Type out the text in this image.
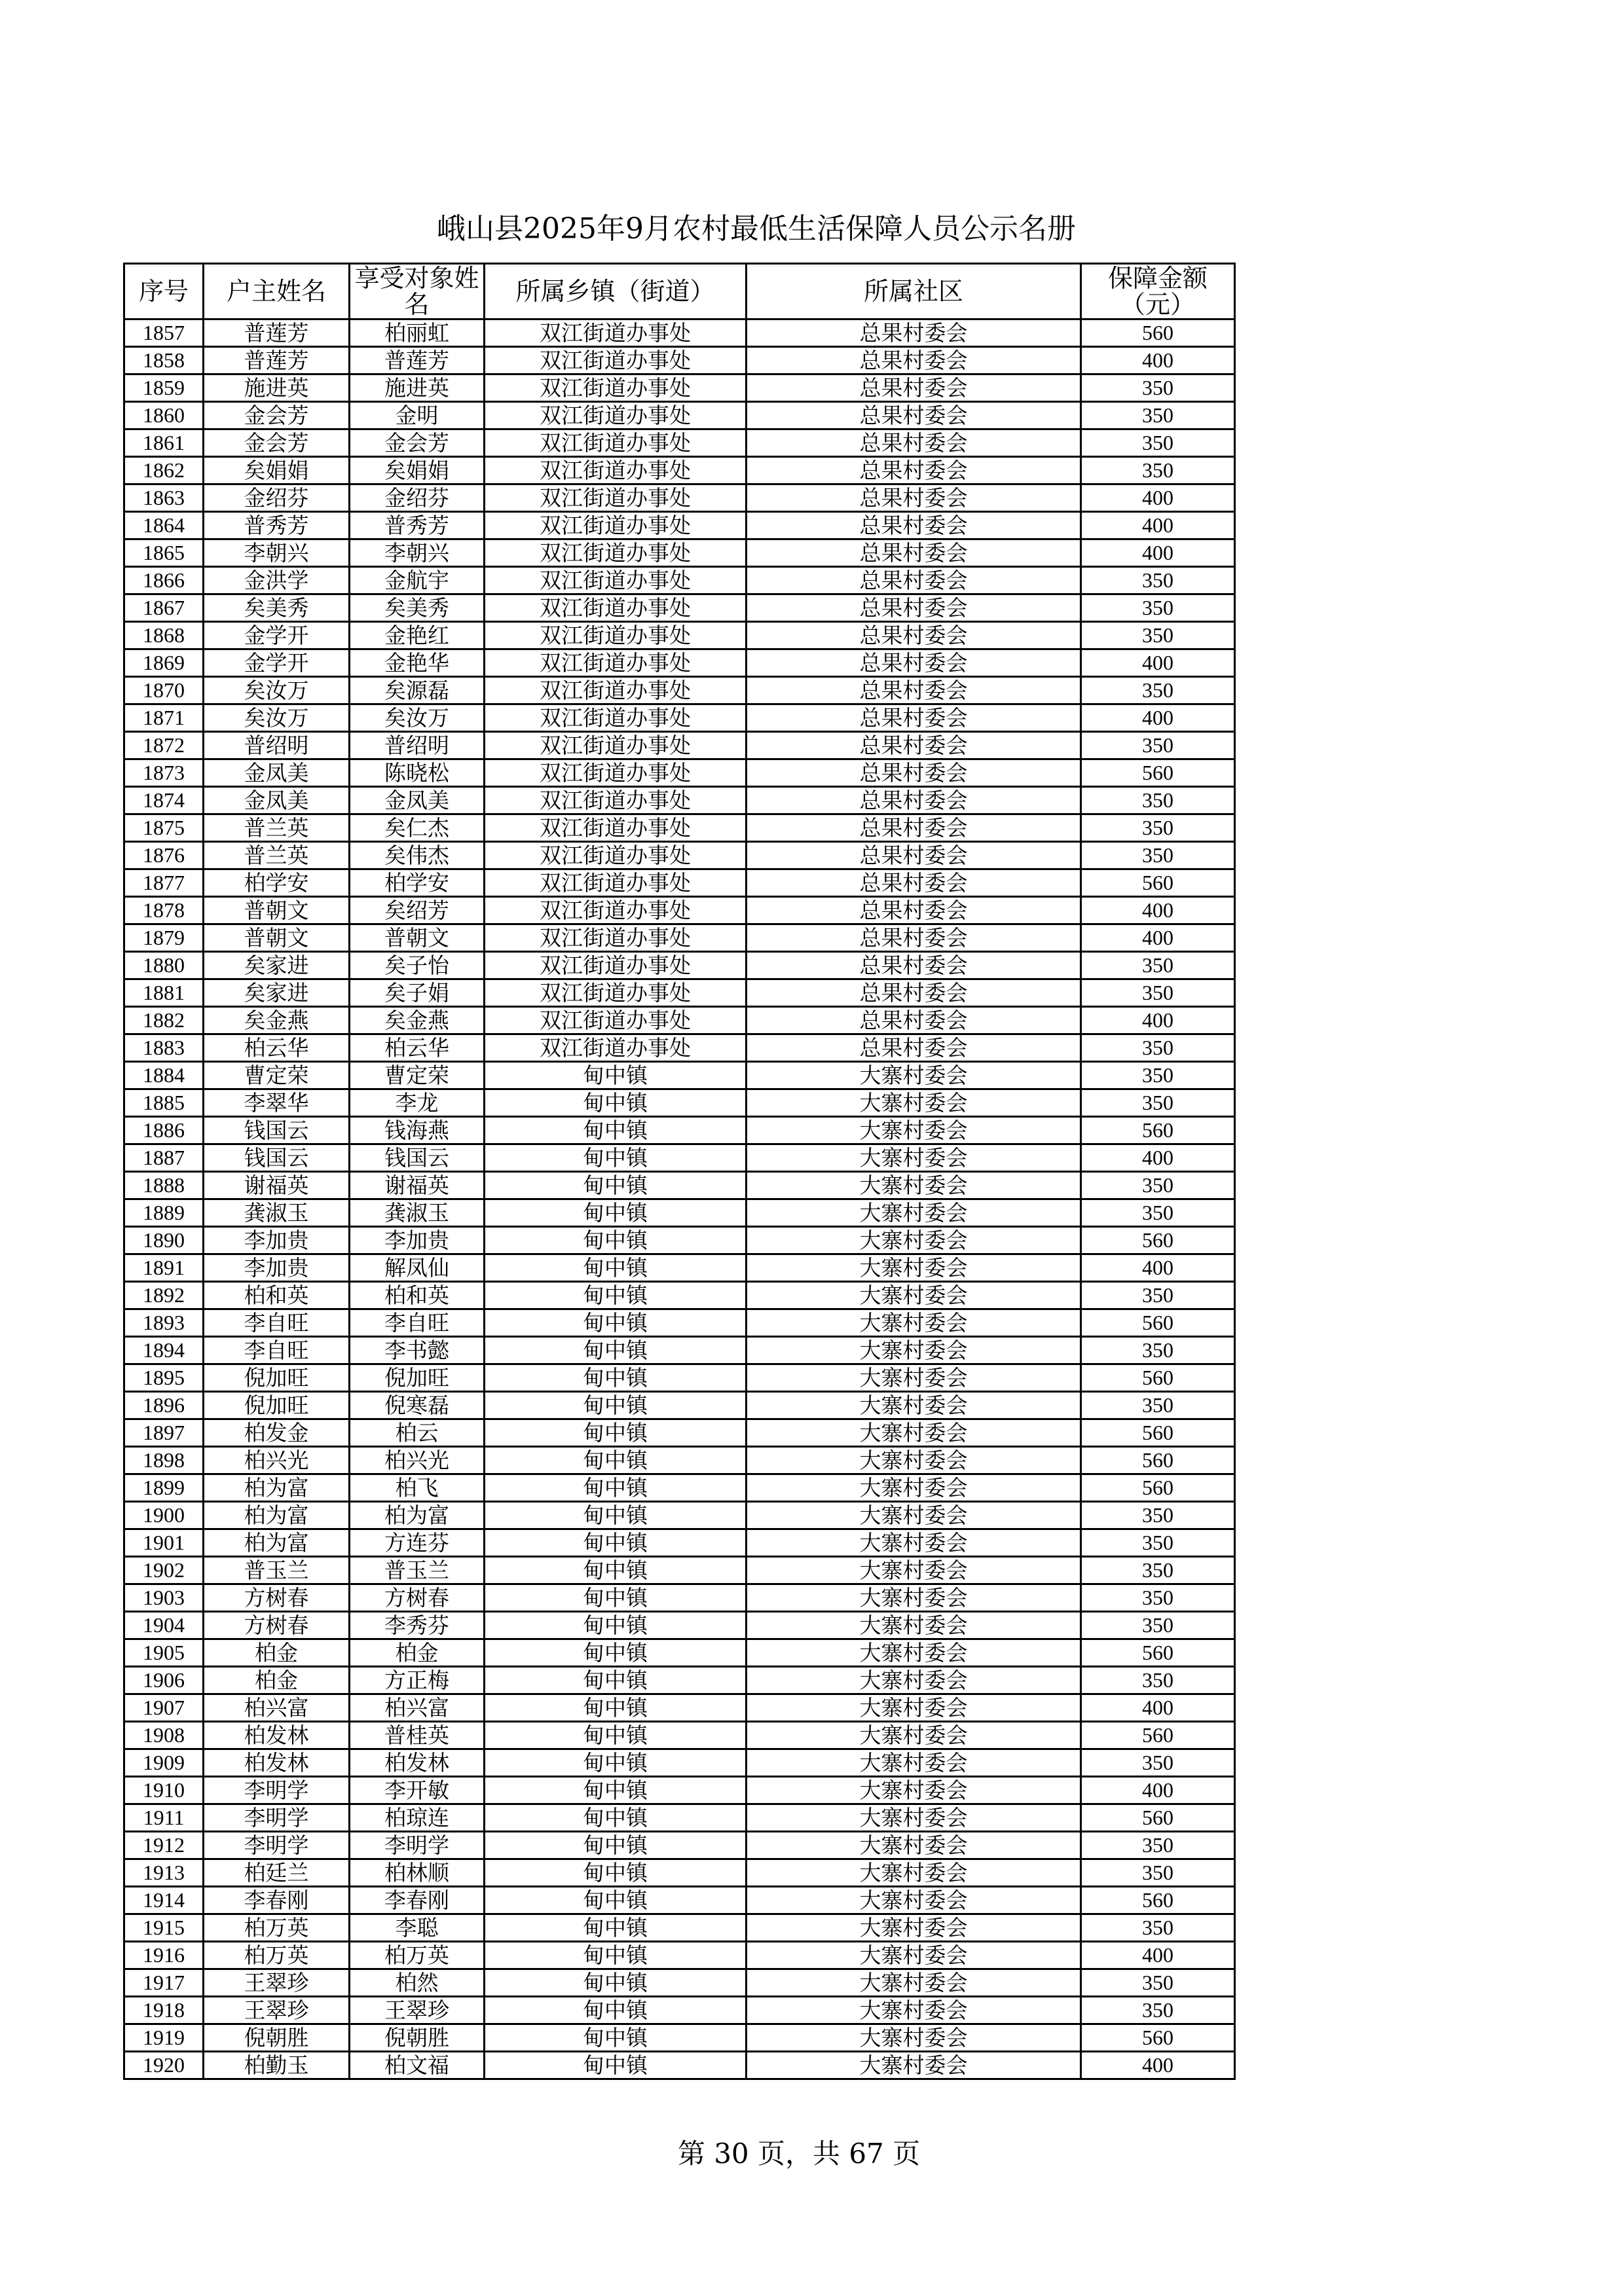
峨山县2025年9月农村最低生活保障人员公示名册
序号	户主姓名	享受对象姓名	所属乡镇（街道）	所属社区	保障金额（元）
1857	普莲芳	柏丽虹	双江街道办事处	总果村委会	560
1858	普莲芳	普莲芳	双江街道办事处	总果村委会	400
1859	施进英	施进英	双江街道办事处	总果村委会	350
1860	金会芳	金明	双江街道办事处	总果村委会	350
1861	金会芳	金会芳	双江街道办事处	总果村委会	350
1862	矣娟娟	矣娟娟	双江街道办事处	总果村委会	350
1863	金绍芬	金绍芬	双江街道办事处	总果村委会	400
1864	普秀芳	普秀芳	双江街道办事处	总果村委会	400
1865	李朝兴	李朝兴	双江街道办事处	总果村委会	400
1866	金洪学	金航宇	双江街道办事处	总果村委会	350
1867	矣美秀	矣美秀	双江街道办事处	总果村委会	350
1868	金学开	金艳红	双江街道办事处	总果村委会	350
1869	金学开	金艳华	双江街道办事处	总果村委会	400
1870	矣汝万	矣源磊	双江街道办事处	总果村委会	350
1871	矣汝万	矣汝万	双江街道办事处	总果村委会	400
1872	普绍明	普绍明	双江街道办事处	总果村委会	350
1873	金凤美	陈晓松	双江街道办事处	总果村委会	560
1874	金凤美	金凤美	双江街道办事处	总果村委会	350
1875	普兰英	矣仁杰	双江街道办事处	总果村委会	350
1876	普兰英	矣伟杰	双江街道办事处	总果村委会	350
1877	柏学安	柏学安	双江街道办事处	总果村委会	560
1878	普朝文	矣绍芳	双江街道办事处	总果村委会	400
1879	普朝文	普朝文	双江街道办事处	总果村委会	400
1880	矣家进	矣子怡	双江街道办事处	总果村委会	350
1881	矣家进	矣子娟	双江街道办事处	总果村委会	350
1882	矣金燕	矣金燕	双江街道办事处	总果村委会	400
1883	柏云华	柏云华	双江街道办事处	总果村委会	350
1884	曹定荣	曹定荣	甸中镇	大寨村委会	350
1885	李翠华	李龙	甸中镇	大寨村委会	350
1886	钱国云	钱海燕	甸中镇	大寨村委会	560
1887	钱国云	钱国云	甸中镇	大寨村委会	400
1888	谢福英	谢福英	甸中镇	大寨村委会	350
1889	龚淑玉	龚淑玉	甸中镇	大寨村委会	350
1890	李加贵	李加贵	甸中镇	大寨村委会	560
1891	李加贵	解凤仙	甸中镇	大寨村委会	400
1892	柏和英	柏和英	甸中镇	大寨村委会	350
1893	李自旺	李自旺	甸中镇	大寨村委会	560
1894	李自旺	李书懿	甸中镇	大寨村委会	350
1895	倪加旺	倪加旺	甸中镇	大寨村委会	560
1896	倪加旺	倪寒磊	甸中镇	大寨村委会	350
1897	柏发金	柏云	甸中镇	大寨村委会	560
1898	柏兴光	柏兴光	甸中镇	大寨村委会	560
1899	柏为富	柏飞	甸中镇	大寨村委会	560
1900	柏为富	柏为富	甸中镇	大寨村委会	350
1901	柏为富	方连芬	甸中镇	大寨村委会	350
1902	普玉兰	普玉兰	甸中镇	大寨村委会	350
1903	方树春	方树春	甸中镇	大寨村委会	350
1904	方树春	李秀芬	甸中镇	大寨村委会	350
1905	柏金	柏金	甸中镇	大寨村委会	560
1906	柏金	方正梅	甸中镇	大寨村委会	350
1907	柏兴富	柏兴富	甸中镇	大寨村委会	400
1908	柏发林	普桂英	甸中镇	大寨村委会	560
1909	柏发林	柏发林	甸中镇	大寨村委会	350
1910	李明学	李开敏	甸中镇	大寨村委会	400
1911	李明学	柏琼连	甸中镇	大寨村委会	560
1912	李明学	李明学	甸中镇	大寨村委会	350
1913	柏廷兰	柏林顺	甸中镇	大寨村委会	350
1914	李春刚	李春刚	甸中镇	大寨村委会	560
1915	柏万英	李聪	甸中镇	大寨村委会	350
1916	柏万英	柏万英	甸中镇	大寨村委会	400
1917	王翠珍	柏然	甸中镇	大寨村委会	350
1918	王翠珍	王翠珍	甸中镇	大寨村委会	350
1919	倪朝胜	倪朝胜	甸中镇	大寨村委会	560
1920	柏勤玉	柏文福	甸中镇	大寨村委会	400
第 30 页，共 67 页
